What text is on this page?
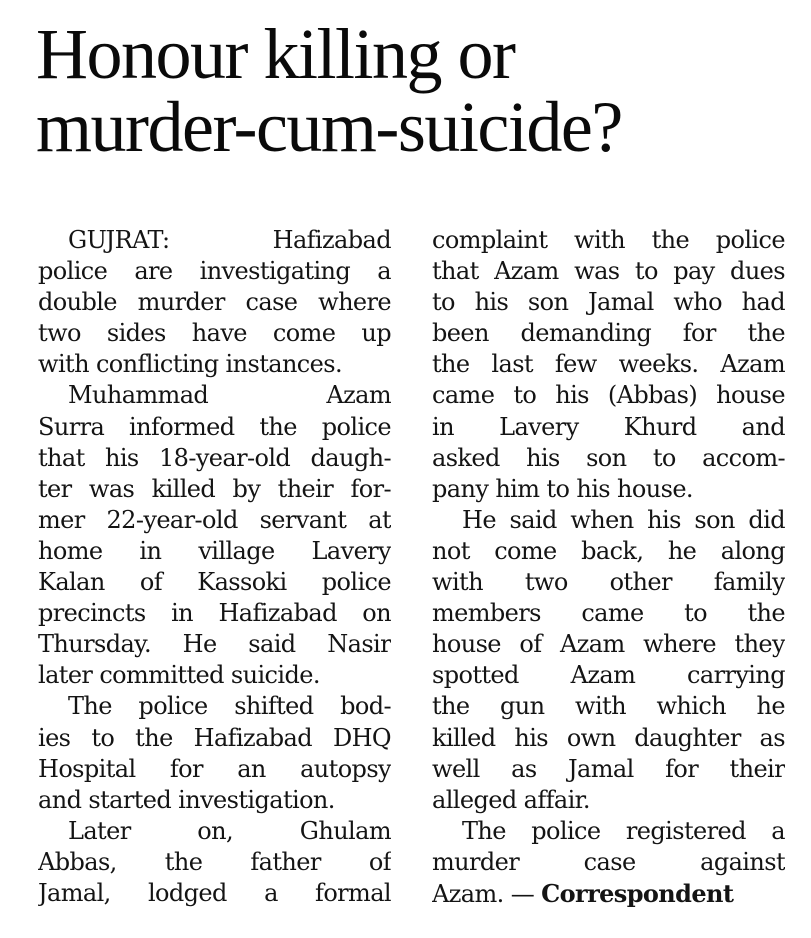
Honour killing or
murder-cum-suicide?
GUJRAT: Hafizabad
police are investigating a
double murder case where
two sides have come up
with conflicting instances.
Muhammad Azam
Surra informed the police
that his 18-year-old daugh-
ter was killed by their for-
mer 22-year-old servant at
home in village Lavery
Kalan of Kassoki police
precincts in Hafizabad on
Thursday. He said Nasir
later committed suicide.
The police shifted bod-
ies to the Hafizabad DHQ
Hospital for an autopsy
and started investigation.
Later on, Ghulam
Abbas, the father of
Jamal, lodged a formal
complaint with the police
that Azam was to pay dues
to his son Jamal who had
been demanding for the
the last few weeks. Azam
came to his (Abbas) house
in Lavery Khurd and
asked his son to accom-
pany him to his house.
He said when his son did
not come back, he along
with two other family
members came to the
house of Azam where they
spotted Azam carrying
the gun with which he
killed his own daughter as
well as Jamal for their
alleged affair.
The police registered a
murder case against
Azam. — Correspondent
